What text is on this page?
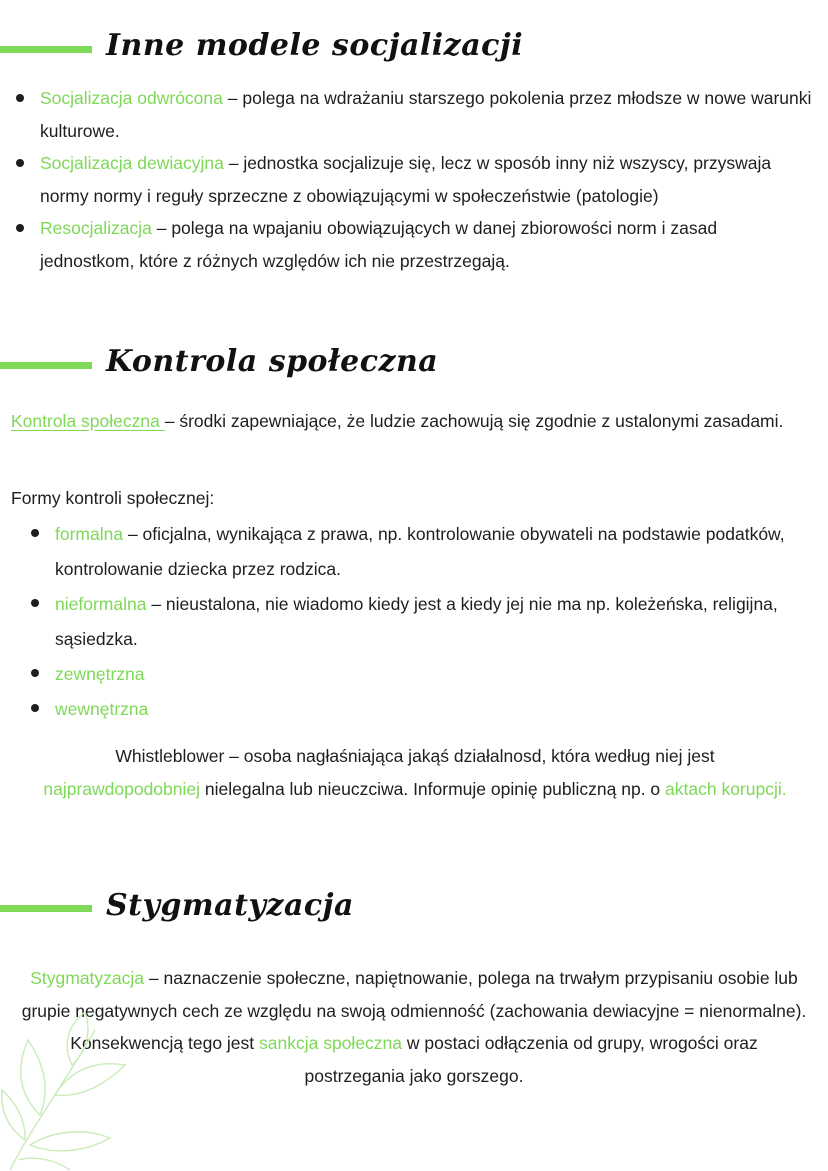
Inne modele socjalizacji
Socjalizacja odwrócona – polega na wdrażaniu starszego pokolenia przez młodsze w nowe warunki kulturowe.
Socjalizacja dewiacyjna – jednostka socjalizuje się, lecz w sposób inny niż wszyscy, przyswaja normy normy i reguły sprzeczne z obowiązującymi w społeczeństwie (patologie)
Resocjalizacja – polega na wpajaniu obowiązujących w danej zbiorowości norm i zasad jednostkom, które z różnych względów ich nie przestrzegają.
Kontrola społeczna
Kontrola społeczna – środki zapewniające, że ludzie zachowują się zgodnie z ustalonymi zasadami.
Formy kontroli społecznej:
formalna – oficjalna, wynikająca z prawa, np. kontrolowanie obywateli na podstawie podatków, kontrolowanie dziecka przez rodzica.
nieformalna – nieustalona, nie wiadomo kiedy jest a kiedy jej nie ma np. koleżeńska, religijna, sąsiedzka.
zewnętrzna
wewnętrzna
Whistleblower – osoba nagłaśniająca jakąś działalnosd, która według niej jest najprawdopodobniej nielegalna lub nieuczciwa. Informuje opinię publiczną np. o aktach korupcji.
Stygmatyzacja
Stygmatyzacja – naznaczenie społeczne, napiętnowanie, polega na trwałym przypisaniu osobie lub grupie negatywnych cech ze względu na swoją odmienność (zachowania dewiacyjne = nienormalne). Konsekwencją tego jest sankcja społeczna w postaci odłączenia od grupy, wrogości oraz postrzegania jako gorszego.
